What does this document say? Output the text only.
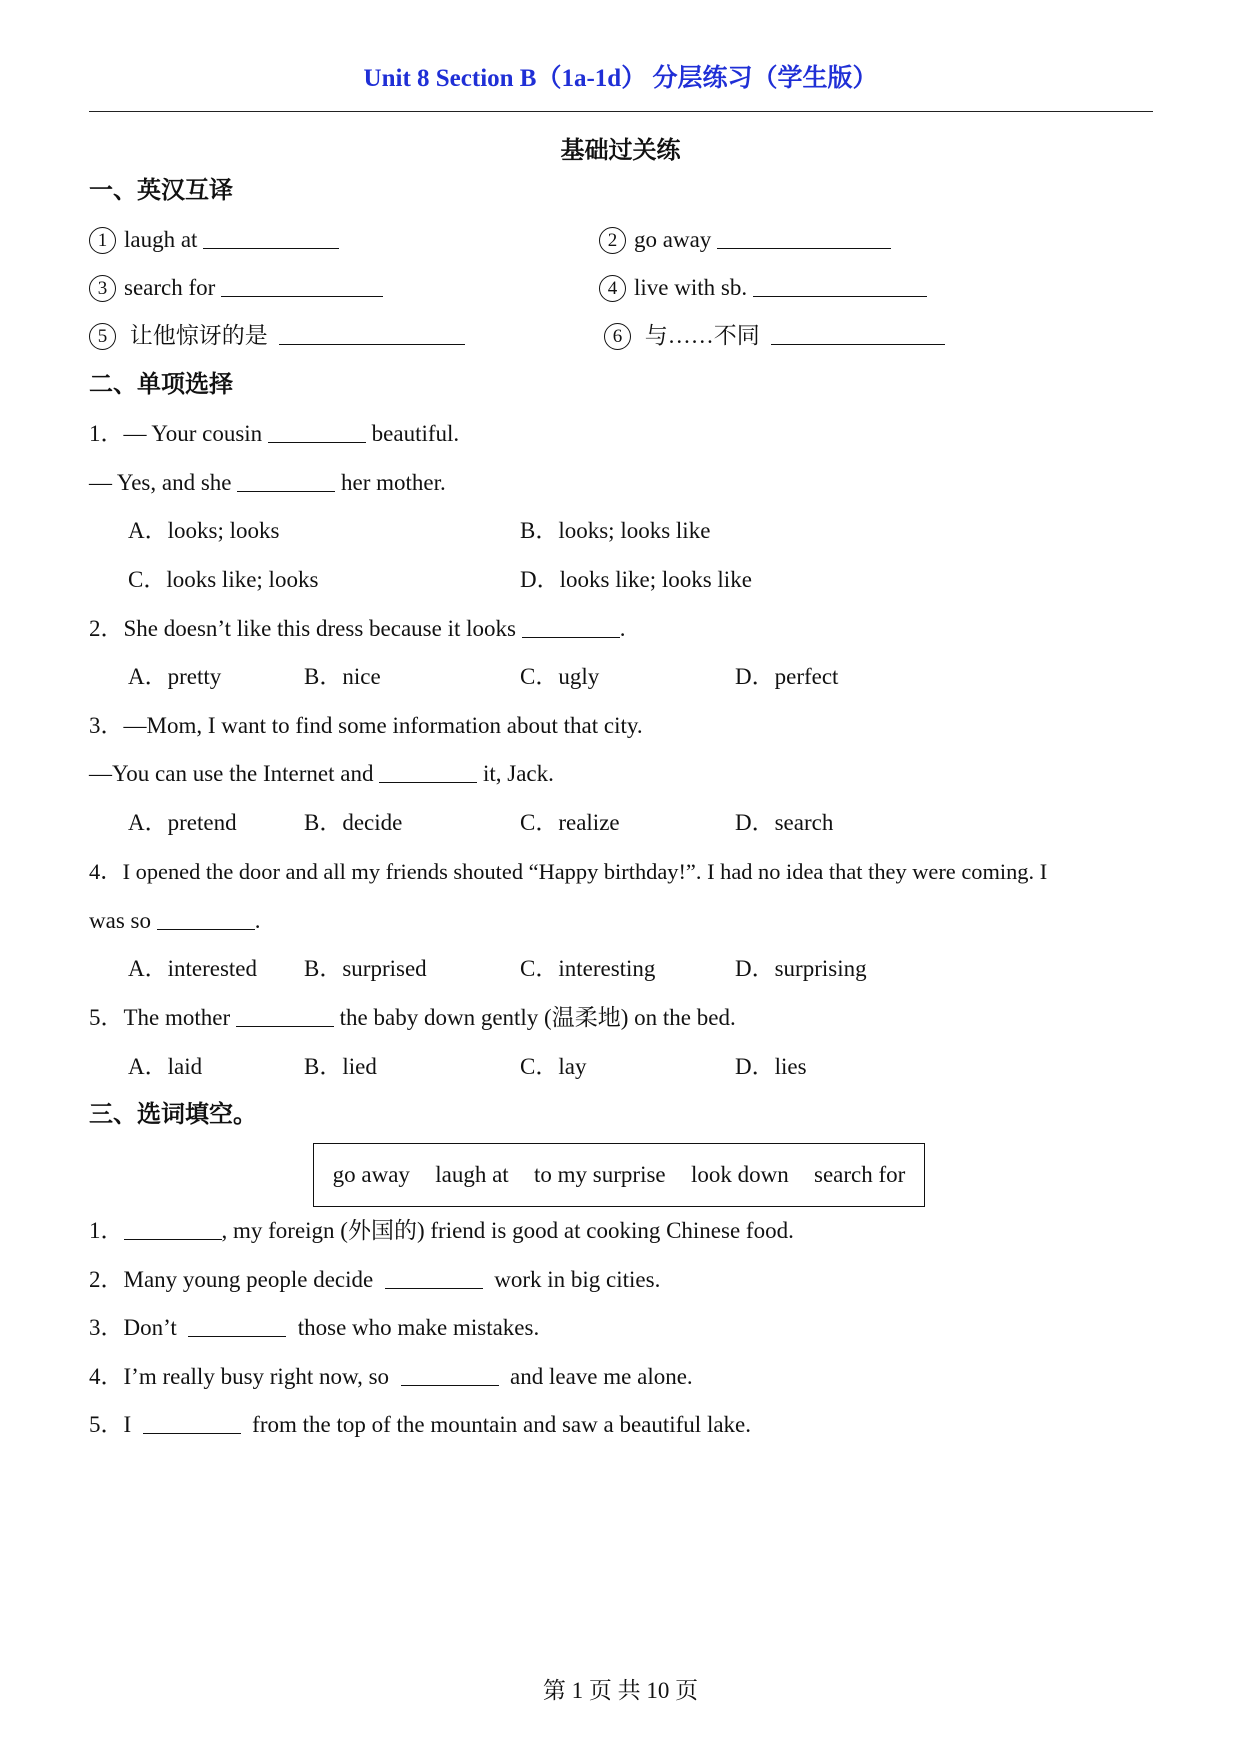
Unit 8 Section B（1a-1d） 分层练习（学生版）
基础过关练
一、英汉互译
1 laugh at	2 go away
3 search for	4 live with sb.
5 让他惊讶的是	6 与……不同
二、单项选择
1．— Your cousin	beautiful.
— Yes, and she	her mother.
A．looks; looks	B．looks; looks like
C．looks like; looks	D．looks like; looks like
2．She doesn’t like this dress because it looks	.
A．pretty	B．nice	C．ugly	D．perfect
3．—Mom, I want to find some information about that city.
—You can use the Internet and	it, Jack.
A．pretend	B．decide	C．realize	D．search
4．I opened the door and all my friends shouted “Happy birthday!”. I had no idea that they were coming. I
was so	.
A．interested B．surprised	C．interesting	D．surprising
5．The mother	the baby down gently (温柔地) on the bed.
A．laid	B．lied	C．lay	D．lies
三、选词填空。
go away laugh at to my surprise look down search for
1．	, my foreign (外国的) friend is good at cooking Chinese food.
2．Many young people decide	work in big cities.
3．Don’t	those who make mistakes.
4．I’m really busy right now, so	and leave me alone.
5．I	from the top of the mountain and saw a beautiful lake.
第 1 页 共 10 页
